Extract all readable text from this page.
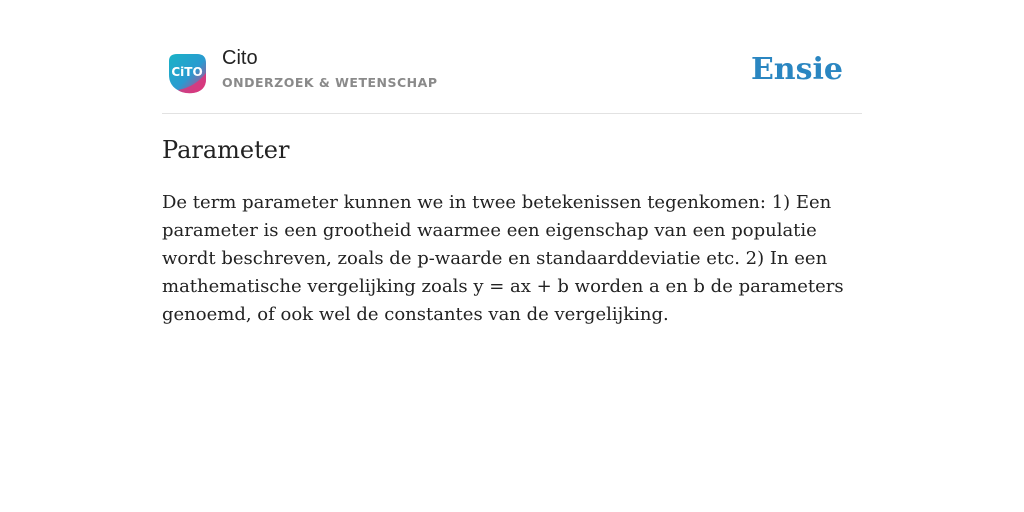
CiTO
Cito
ONDERZOEK & WETENSCHAP	Ensie
Parameter

De term parameter kunnen we in twee betekenissen tegenkomen: 1) Een parameter is een grootheid waarmee een eigenschap van een populatie wordt beschreven, zoals de p-waarde en standaarddeviatie etc. 2) In een mathematische vergelijking zoals y = ax + b worden a en b de parameters genoemd, of ook wel de constantes van de vergelijking.
